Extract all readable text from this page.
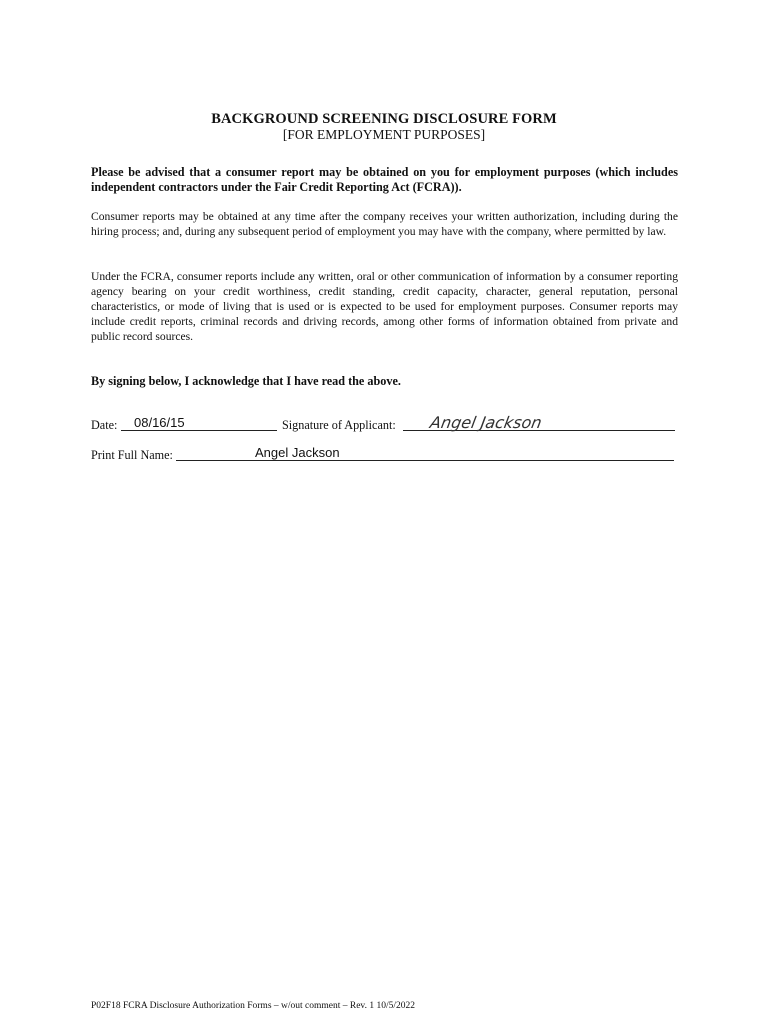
BACKGROUND SCREENING DISCLOSURE FORM
[FOR EMPLOYMENT PURPOSES]
Please be advised that a consumer report may be obtained on you for employment purposes (which includes independent contractors under the Fair Credit Reporting Act (FCRA)).
Consumer reports may be obtained at any time after the company receives your written authorization, including during the hiring process; and, during any subsequent period of employment you may have with the company, where permitted by law.
Under the FCRA, consumer reports include any written, oral or other communication of information by a consumer reporting agency bearing on your credit worthiness, credit standing, credit capacity, character, general reputation, personal characteristics, or mode of living that is used or is expected to be used for employment purposes. Consumer reports may include credit reports, criminal records and driving records, among other forms of information obtained from private and public record sources.
By signing below, I acknowledge that I have read the above.
Date: 08/16/15	Signature of Applicant: Angel Jackson
Print Full Name:	Angel Jackson
P02F18 FCRA Disclosure Authorization Forms – w/out comment – Rev. 1 10/5/2022
